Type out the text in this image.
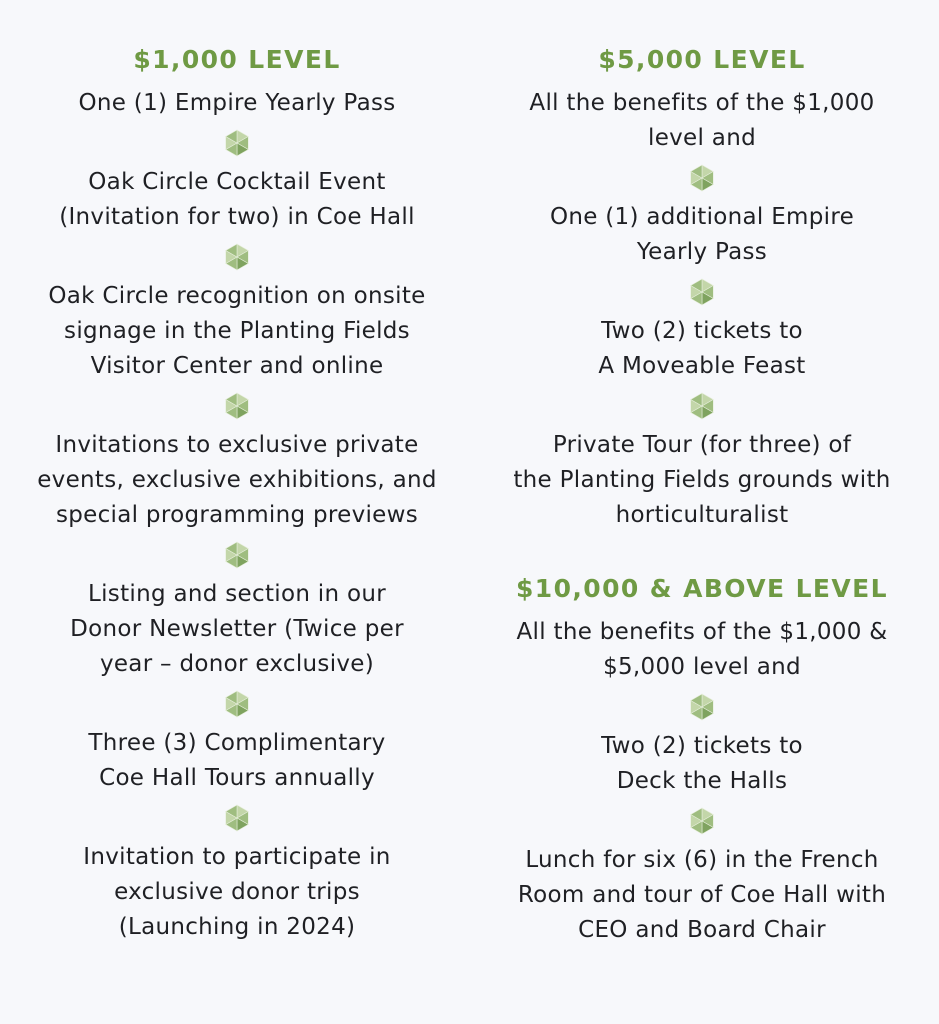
$1,000 LEVEL
One (1) Empire Yearly Pass
Oak Circle Cocktail Event
(Invitation for two) in Coe Hall
Oak Circle recognition on onsite
signage in the Planting Fields
Visitor Center and online
Invitations to exclusive private
events, exclusive exhibitions, and
special programming previews
Listing and section in our
Donor Newsletter (Twice per
year – donor exclusive)
Three (3) Complimentary
Coe Hall Tours annually
Invitation to participate in
exclusive donor trips
(Launching in 2024)
$5,000 LEVEL
All the benefits of the $1,000
level and
One (1) additional Empire
Yearly Pass
Two (2) tickets to
A Moveable Feast
Private Tour (for three) of
the Planting Fields grounds with
horticulturalist
$10,000 & ABOVE LEVEL
All the benefits of the $1,000 &
$5,000 level and
Two (2) tickets to
Deck the Halls
Lunch for six (6) in the French
Room and tour of Coe Hall with
CEO and Board Chair
